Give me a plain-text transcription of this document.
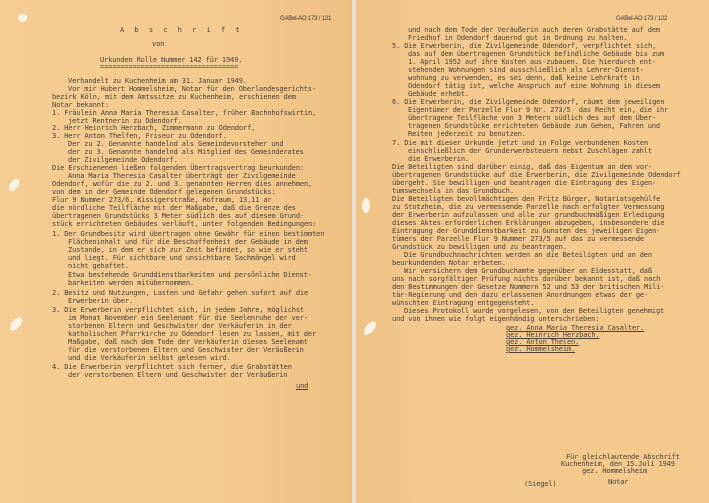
GABel-AO 173 / 121
A b s c h r i f t
von
Urkunden Rolle Nummer 142 für 1949.
==================================
Verhandelt zu Kuchenheim am 31. Januar 1949.
Vor mir Hubert Hommelsheim, Notar für den Oberlandesgerichts-
bezirk Köln, mit dem Amtssitze zu Kuchenheim, erschienen dem
Notar bekannt:
1. Fräulein Anna Maria Theresia Casalter, früher Bachnhofswirtin,
jetzt Rentnerin zu Odendorf.
2. Herr Heinrich Herzbach, Zimmermann zu Odendorf,
3. Herr Anton Thelfen, Friseur zu Odendorf.
Der zu 2. Genannte handelnd als Gemeindevorsteher und
der zu 3. Genannte handelnd als Mitglied des Gemeinderates
der Zivilgemeinde Odendorf.
Die Erschienenen ließen folgenden Übertragsvertrag beurkunden:
Anna Maria Theresia Casalter überträgt der Zivilgemeinde
Odendorf, wofür die zu 2. und 3. genannten Herren dies annehmen,
von dem in der Gemeinde Odendorf gelegenen Grundstücks:
Flur 9 Nummer 273/6, Kissigerstraße, Hofraum, 13,11 ar
die nördliche Teilfläche mit der Maßgabe, daß die Grenze des
übertragenen Grundstücks 3 Meter südlich des auf diesem Grund-
stück errichteten Gebäudes verläuft, unter folgenden Bedingungen:
1. Der Grundbesitz wird übertragen ohne Gewähr für einen bestimmten
Flächeninhalt und für die Beschaffenheit der Gebäude in dem
Zustande, in dem er sich zur Zeit befindet, so wie er steht
und liegt. Für sichtbare und unsichtbare Sachmängel wird
nicht gehaftet.
Etwa bestehende Grunddienstbarkeiten und persönliche Dienst-
barkeiten werden mitübernommen.
2. Besitz und Nutzungen, Lasten und Gefahr gehen sofort auf die
Erwerberin über.
3. Die Erwerberin verpflichtet sich, in jedem Jahre, möglichst
im Monat November ein Seelenamt für die Seelenruhe der ver-
storbenen Eltern und Geschwister der Verkäuferin in der
katholischen Pfarrkirche zu Odendorf lesen zu lassen, mit der
Maßgabe, daß nach dem Tode der Verkäuferin dieses Seelenamt
für die verstorbenen Eltern und Geschwister der Veräußerin
und die Verkäuferin selbst gelesen wird.
4. Die Erwerberin verpflichtet sich ferner, die Grabstätten
der verstorbenen Eltern und Geschwister der Veräußerin
und
GABel-AO 173 / 122
und nach dem Tode der Veräußerin auch deren Grabstätte auf dem
Friedhof in Odendorf dauernd gut in Ordnung zu halten.
5. Die Erwerberin, die Zivilgemeinde Odendorf, verpflichtet sich,
das auf dem übertragenen Grundstück befindliche Gebäude bis zum
1. April 1952 auf ihre Kosten aus-zubauen. Die hierdurch ent-
stehenden Wohnungen sind ausschließlich als Lehrer-Dienst-
wohnung zu verwenden, es sei denn, daß keine Lehrkraft in
Odendorf tätig ist, welche Anspruch auf eine Wohnung in diesem
Gebäude erhebt.
6. Die Erwerberin, die Zivilgemeinde Odendorf, räumt dem jeweiligen
Eigentümer der Parzelle Flur 9 Nr. 273/5  das Recht ein, die ihr
übertragene Teilfläche von 3 Metern südlich des auf dem Über-
tragenen Grundstücke errichteten Gebäude zum Gehen, Fahren und
Reiten jederzeit zu benutzen.
7. Die mit dieser Urkunde jetzt und in Folge verbundenen Kosten
einschließlich der Grunderwerbsteuern nebst Zuschlägen zahlt
die Erwerberin.
Die Beteiligten sind darüber einig, daß das Eigentum an dem vor-
übertragenen Grundstücke auf die Erwerberin, die Zivilgemeinde Odendorf
übergeht. Sie bewilligen und beantragen die Eintragung des Eigen-
tumswechsels in das Grundbuch.
Die Beteiligten bevollmächtigen den Fritz Bürger, Notariatsgehülfe
zu Stotzheim, die zu vermessende Parzelle nach erfolgter Vermessung
der Erwerberin aufzulassen und alle zur grundbuchmäßigen Erledigung
dieses Aktes erforderlichen Erklärungen abzugeben, insbesondere die
Eintragung der Grunddienstbarkeit zu Gunsten des jeweiligen Eigen-
tümers der Parzelle Flur 9 Nummer 273/5 auf das zu vermessende
Grundstück zu bewilligen und zu beantragen.
Die Grundbuchnachrichten werden an die Beteiligten und an den
beurkundenden Notar erbeten.
Wir versichern dem Grundbuchamte gegenüber an Eidesstatt, daß
uns nach sorgfältiger Prüfung nichts darüber bekannt ist, daß nach
den Bestimmungen der Gesetze Nummern 52 und 53 der britischen Mili-
tär-Regierung und den dazu erlassenen Anordnungen etwas der ge-
wünschten Eintragung entgegensteht.
Dieses Protokoll wurde vorgelesen, von den Beteiligten genehmigt
und von ihnen wie folgt eigenhändig unterschrieben:
gez. Anna Maria Theresia Casalter.
gez. Heinrich Herzbach.
gez. Anton Thelen.
gez. Hommelsheim.
Für gleichlautende Abschrift
Kuchenheim, den 15.Juli 1949
gez. Hommelsheim
Notar
(Siegel)
